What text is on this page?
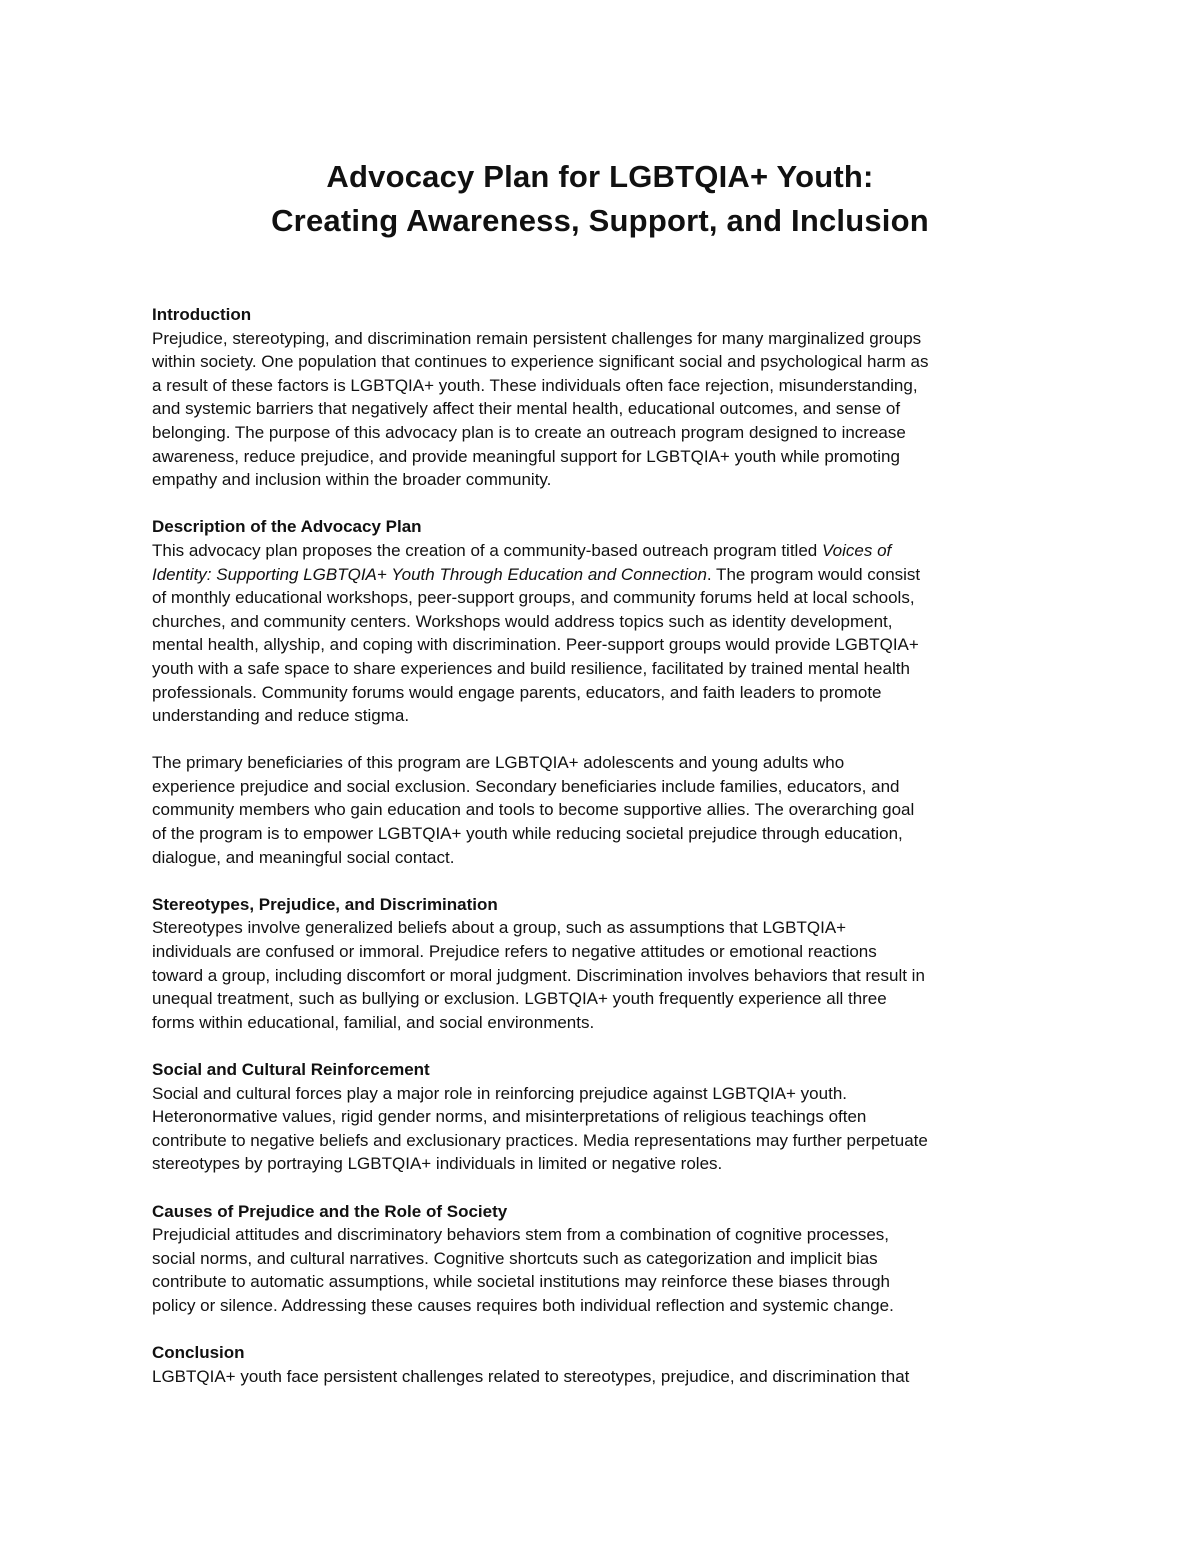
Advocacy Plan for LGBTQIA+ Youth:
Creating Awareness, Support, and Inclusion
Introduction
Prejudice, stereotyping, and discrimination remain persistent challenges for many marginalized groups
within society. One population that continues to experience significant social and psychological harm as
a result of these factors is LGBTQIA+ youth. These individuals often face rejection, misunderstanding,
and systemic barriers that negatively affect their mental health, educational outcomes, and sense of
belonging. The purpose of this advocacy plan is to create an outreach program designed to increase
awareness, reduce prejudice, and provide meaningful support for LGBTQIA+ youth while promoting
empathy and inclusion within the broader community.
Description of the Advocacy Plan
This advocacy plan proposes the creation of a community-based outreach program titled Voices of
Identity: Supporting LGBTQIA+ Youth Through Education and Connection. The program would consist
of monthly educational workshops, peer-support groups, and community forums held at local schools,
churches, and community centers. Workshops would address topics such as identity development,
mental health, allyship, and coping with discrimination. Peer-support groups would provide LGBTQIA+
youth with a safe space to share experiences and build resilience, facilitated by trained mental health
professionals. Community forums would engage parents, educators, and faith leaders to promote
understanding and reduce stigma.
The primary beneficiaries of this program are LGBTQIA+ adolescents and young adults who
experience prejudice and social exclusion. Secondary beneficiaries include families, educators, and
community members who gain education and tools to become supportive allies. The overarching goal
of the program is to empower LGBTQIA+ youth while reducing societal prejudice through education,
dialogue, and meaningful social contact.
Stereotypes, Prejudice, and Discrimination
Stereotypes involve generalized beliefs about a group, such as assumptions that LGBTQIA+
individuals are confused or immoral. Prejudice refers to negative attitudes or emotional reactions
toward a group, including discomfort or moral judgment. Discrimination involves behaviors that result in
unequal treatment, such as bullying or exclusion. LGBTQIA+ youth frequently experience all three
forms within educational, familial, and social environments.
Social and Cultural Reinforcement
Social and cultural forces play a major role in reinforcing prejudice against LGBTQIA+ youth.
Heteronormative values, rigid gender norms, and misinterpretations of religious teachings often
contribute to negative beliefs and exclusionary practices. Media representations may further perpetuate
stereotypes by portraying LGBTQIA+ individuals in limited or negative roles.
Causes of Prejudice and the Role of Society
Prejudicial attitudes and discriminatory behaviors stem from a combination of cognitive processes,
social norms, and cultural narratives. Cognitive shortcuts such as categorization and implicit bias
contribute to automatic assumptions, while societal institutions may reinforce these biases through
policy or silence. Addressing these causes requires both individual reflection and systemic change.
Conclusion
LGBTQIA+ youth face persistent challenges related to stereotypes, prejudice, and discrimination that
